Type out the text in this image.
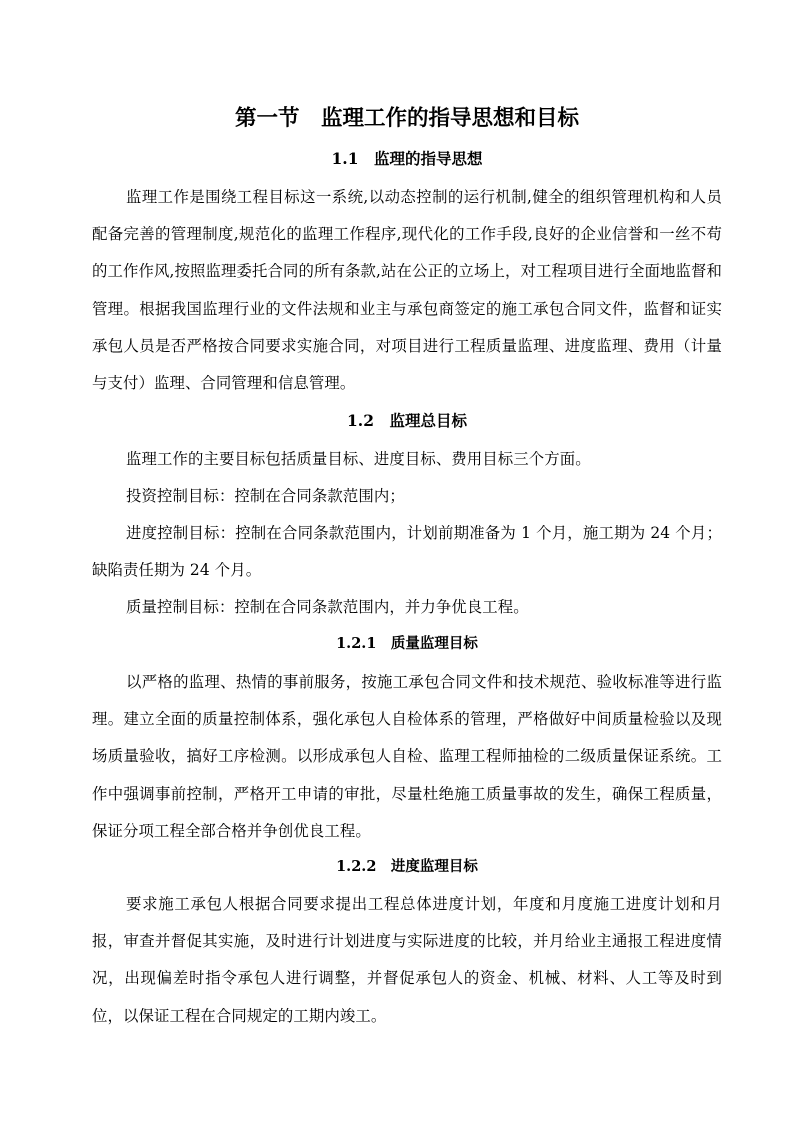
第一节　监理工作的指导思想和目标
1.1　监理的指导思想

监理工作是围绕工程目标这一系统,以动态控制的运行机制,健全的组织管理机构和人员配备完善的管理制度,规范化的监理工作程序,现代化的工作手段,良好的企业信誉和一丝不苟的工作作风,按照监理委托合同的所有条款,站在公正的立场上，对工程项目进行全面地监督和管理。根据我国监理行业的文件法规和业主与承包商签定的施工承包合同文件，监督和证实承包人员是否严格按合同要求实施合同，对项目进行工程质量监理、进度监理、费用（计量与支付）监理、合同管理和信息管理。

1.2　监理总目标

监理工作的主要目标包括质量目标、进度目标、费用目标三个方面。

投资控制目标：控制在合同条款范围内；

进度控制目标：控制在合同条款范围内，计划前期准备为 1 个月，施工期为 24 个月；缺陷责任期为 24 个月。

质量控制目标：控制在合同条款范围内，并力争优良工程。

1.2.1　质量监理目标

以严格的监理、热情的事前服务，按施工承包合同文件和技术规范、验收标准等进行监理。建立全面的质量控制体系，强化承包人自检体系的管理，严格做好中间质量检验以及现场质量验收，搞好工序检测。以形成承包人自检、监理工程师抽检的二级质量保证系统。工作中强调事前控制，严格开工申请的审批，尽量杜绝施工质量事故的发生，确保工程质量，保证分项工程全部合格并争创优良工程。

1.2.2　进度监理目标

要求施工承包人根据合同要求提出工程总体进度计划，年度和月度施工进度计划和月报，审查并督促其实施，及时进行计划进度与实际进度的比较，并月给业主通报工程进度情况，出现偏差时指令承包人进行调整，并督促承包人的资金、机械、材料、人工等及时到位，以保证工程在合同规定的工期内竣工。
